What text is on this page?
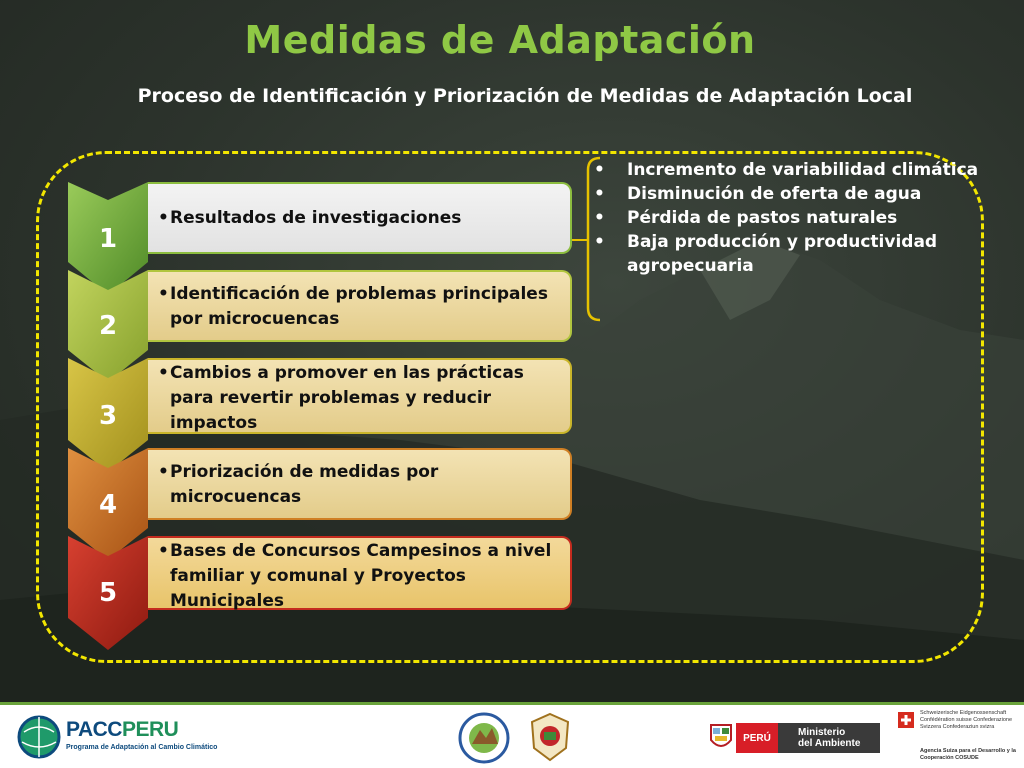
Medidas de Adaptación
Proceso de Identificación y Priorización de Medidas de Adaptación Local
1
2
3
4
5
• Resultados de investigaciones
• Identificación de problemas principales por microcuencas
• Cambios a promover en las prácticas para revertir problemas y reducir impactos
• Priorización de medidas por microcuencas
• Bases de Concursos Campesinos a nivel familiar y comunal y Proyectos Municipales
•	Incremento de variabilidad climática
•	Disminución de oferta de agua
•	Pérdida de pastos naturales
•	Baja producción y productividad agropecuaria
PACCPERU
Programa de Adaptación al Cambio Climático
PERÚ	Ministerio
del Ambiente
Schweizerische Eidgenossenschaft Confédération suisse Confederazione Svizzera Confederaziun svizra
Agencia Suiza para el Desarrollo y la Cooperación COSUDE
